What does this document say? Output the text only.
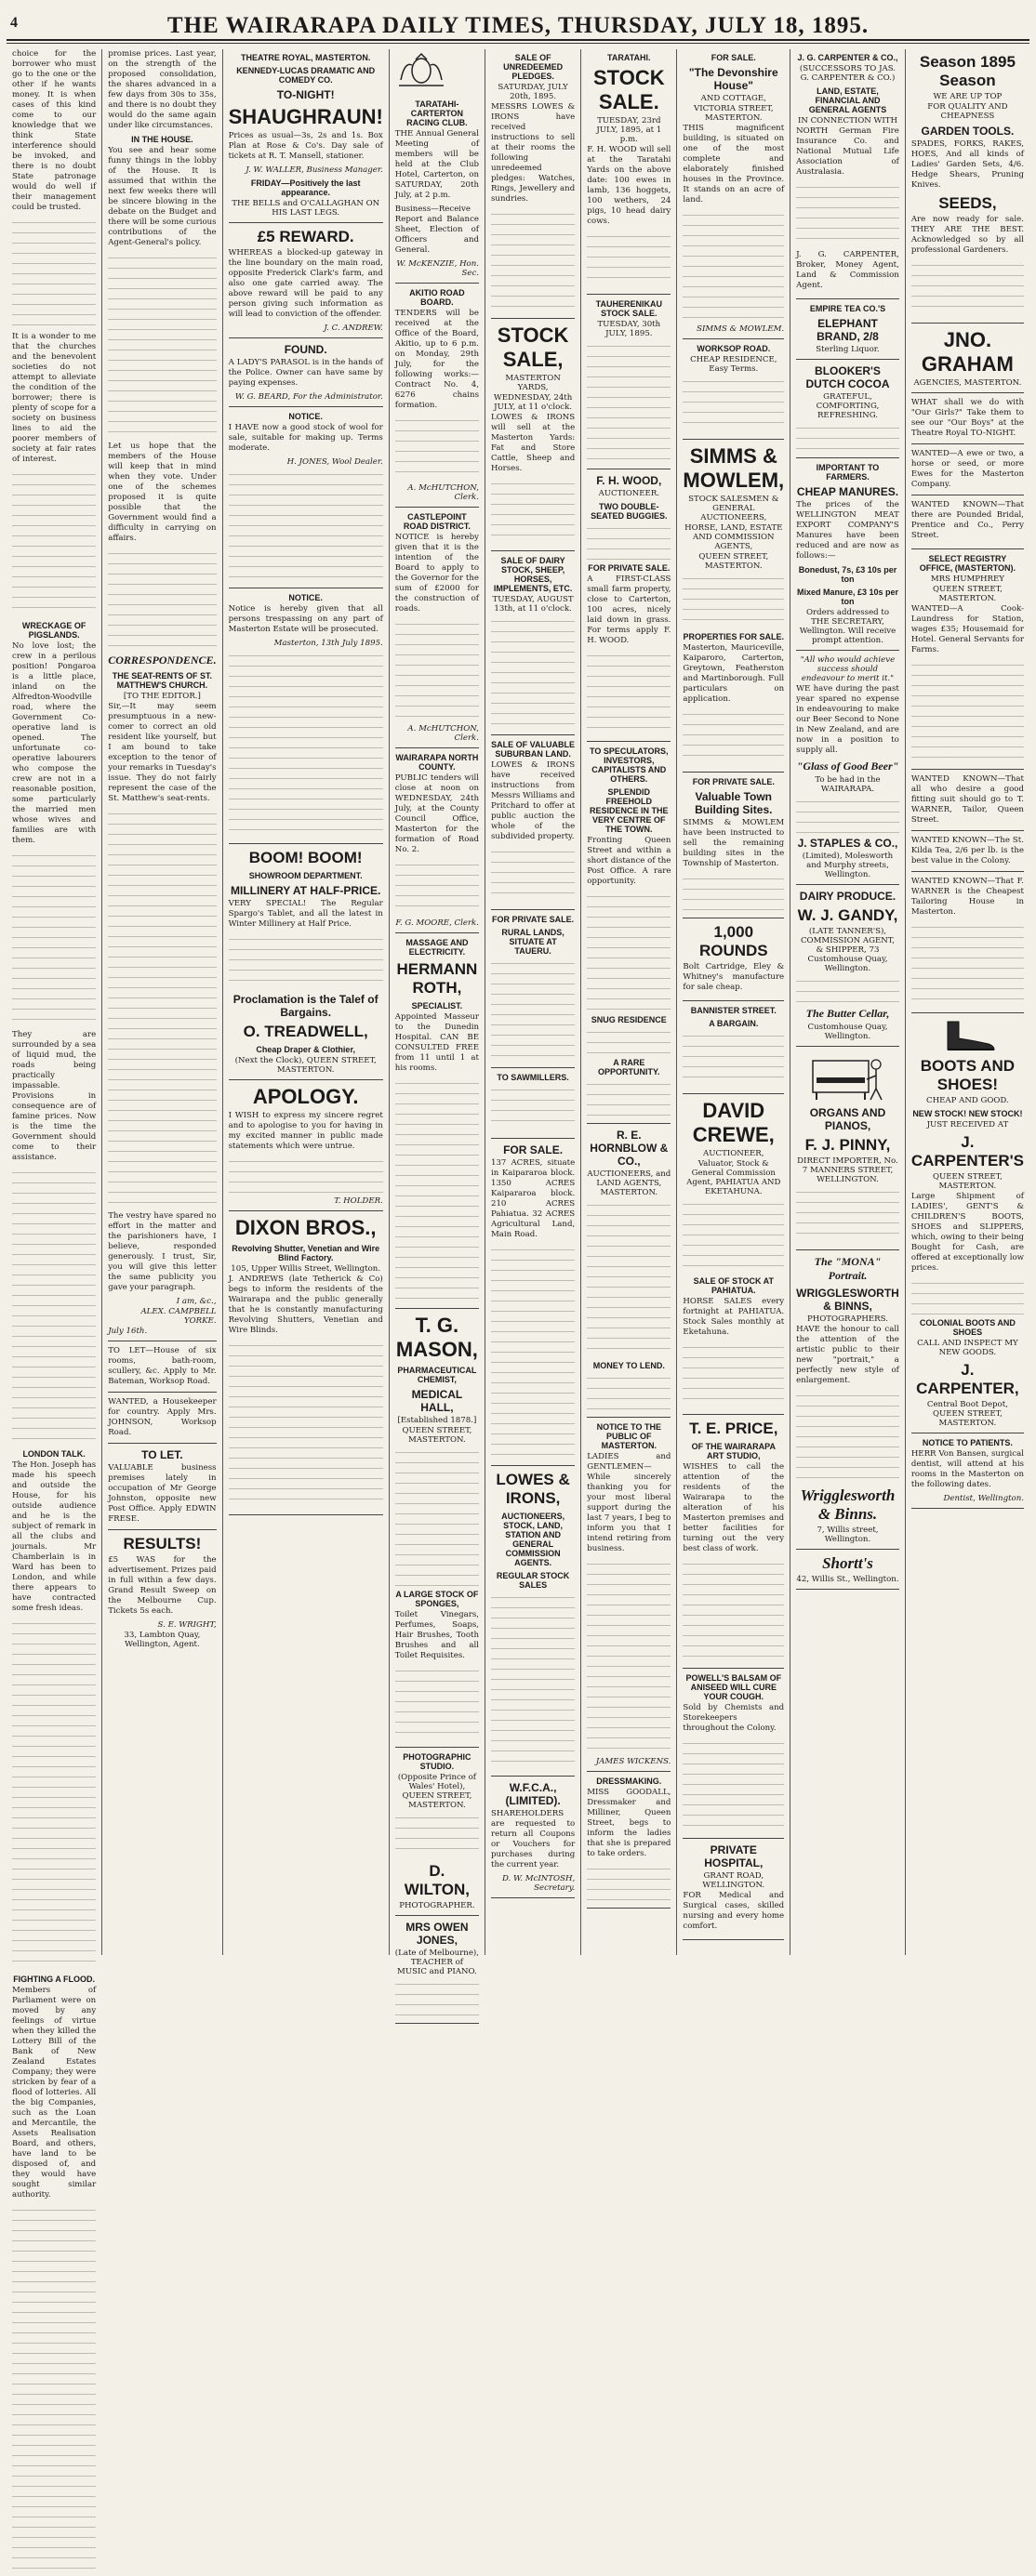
4	THE WAIRARAPA DAILY TIMES, THURSDAY, JULY 18, 1895.

choice for the borrower who must go to the one or the other if he wants money. It is when cases of this kind come to our knowledge that we think State interference should be invoked, and there is no doubt State patronage would do well if their management could be trusted.

It is a wonder to me that the churches and the benevolent societies do not attempt to alleviate the condition of the borrower; there is plenty of scope for a society on business lines to aid the poorer members of society at fair rates of interest.

WRECKAGE OF PIGSLANDS.

No love lost; the crew in a perilous position! Pongaroa is a little place, inland on the Alfredton-Woodville road, where the Government Co-operative land is opened. The unfortunate co-operative labourers who compose the crew are not in a reasonable position, some particularly the married men whose wives and families are with them.

They are surrounded by a sea of liquid mud, the roads being practically impassable. Provisions in consequence are of famine prices. Now is the time the Government should come to their assistance.

LONDON TALK.

The Hon. Joseph has made his speech and outside the House, for his outside audience and he is the subject of remark in all the clubs and journals. Mr Chamberlain is in Ward has been to London, and while there appears to have contracted some fresh ideas.

FIGHTING A FLOOD.

Members of Parliament were on moved by any feelings of virtue when they killed the Lottery Bill of the Bank of New Zealand Estates Company; they were stricken by fear of a flood of lotteries. All the big Companies, such as the Loan and Mercantile, the Assets Realisation Board, and others, have land to be disposed of, and they would have sought similar authority.

promise prices. Last year, on the strength of the proposed consolidation, the shares advanced in a few days from 30s to 35s, and there is no doubt they would do the same again under like circumstances.

IN THE HOUSE.

You see and hear some funny things in the lobby of the House. It is assumed that within the next few weeks there will be sincere blowing in the debate on the Budget and there will be some curious contributions of the Agent-General's policy.

Let us hope that the members of the House will keep that in mind when they vote. Under one of the schemes proposed it is quite possible that the Government would find a difficulty in carrying on affairs.

CORRESPONDENCE.
THE SEAT-RENTS OF ST. MATTHEW'S CHURCH.
[TO THE EDITOR.]

Sir,—It may seem presumptuous in a new-comer to correct an old resident like yourself, but I am bound to take exception to the tenor of your remarks in Tuesday's issue. They do not fairly represent the case of the St. Matthew's seat-rents.

The vestry have spared no effort in the matter and the parishioners have, I believe, responded generously. I trust, Sir, you will give this letter the same publicity you gave your paragraph.

I am, &c.,
ALEX. CAMPBELL YORKE.
July 16th.

TO LET—House of six rooms, bath-room, scullery, &c. Apply to Mr. Bateman, Worksop Road.

WANTED, a Housekeeper for country. Apply Mrs. JOHNSON, Worksop Road.

TO LET.

VALUABLE business premises lately in occupation of Mr George Johnston, opposite new Post Office. Apply EDWIN FRESE.

RESULTS!

£5 WAS for the advertisement. Prizes paid in full within a few days. Grand Result Sweep on the Melbourne Cup. Tickets 5s each.

S. E. WRIGHT,
33, Lambton Quay, Wellington, Agent.
THEATRE ROYAL, MASTERTON.
KENNEDY-LUCAS DRAMATIC AND COMEDY CO.
TO-NIGHT!
SHAUGHRAUN!

Prices as usual—3s, 2s and 1s. Box Plan at Rose & Co's. Day sale of tickets at R. T. Mansell, stationer.

J. W. WALLER, Business Manager.
FRIDAY—Positively the last appearance.
THE BELLS and O'CALLAGHAN ON HIS LAST LEGS.
£5 REWARD.

WHEREAS a blocked-up gateway in the line boundary on the main road, opposite Frederick Clark's farm, and also one gate carried away. The above reward will be paid to any person giving such information as will lead to conviction of the offender.

J. C. ANDREW.
FOUND.

A LADY'S PARASOL is in the hands of the Police. Owner can have same by paying expenses.

W. G. BEARD, For the Administrator.
NOTICE.

I HAVE now a good stock of wool for sale, suitable for making up. Terms moderate.

H. JONES, Wool Dealer.
NOTICE.

Notice is hereby given that all persons trespassing on any part of Masterton Estate will be prosecuted.

Masterton, 13th July 1895.
BOOM! BOOM!
SHOWROOM DEPARTMENT.
MILLINERY AT HALF-PRICE.

VERY SPECIAL! The Regular Spargo's Tablet, and all the latest in Winter Millinery at Half Price.

Proclamation is the Talef of Bargains.
O. TREADWELL,
Cheap Draper & Clothier,
(Next the Clock), QUEEN STREET, MASTERTON.
APOLOGY.

I WISH to express my sincere regret and to apologise to you for having in my excited manner in public made statements which were untrue.

T. HOLDER.
DIXON BROS.,
Revolving Shutter, Venetian and Wire Blind Factory.
105, Upper Willis Street, Wellington.

J. ANDREWS (late Tetherick & Co) begs to inform the residents of the Wairarapa and the public generally that he is constantly manufacturing Revolving Shutters, Venetian and Wire Blinds.

TARATAHI-CARTERTON RACING CLUB.

THE Annual General Meeting of members will be held at the Club Hotel, Carterton, on SATURDAY, 20th July, at 2 p.m.

Business—Receive Report and Balance Sheet, Election of Officers and General.

W. McKENZIE, Hon. Sec.
AKITIO ROAD BOARD.

TENDERS will be received at the Office of the Board, Akitio, up to 6 p.m. on Monday, 29th July, for the following works:—Contract No. 4, 6276 chains formation.

A. McHUTCHON, Clerk.
CASTLEPOINT ROAD DISTRICT.

NOTICE is hereby given that it is the intention of the Board to apply to the Governor for the sum of £2000 for the construction of roads.

A. McHUTCHON, Clerk.
WAIRARAPA NORTH COUNTY.

PUBLIC tenders will close at noon on WEDNESDAY, 24th July, at the County Council Office, Masterton for the formation of Road No. 2.

F. G. MOORE, Clerk.
MASSAGE AND ELECTRICITY.
HERMANN ROTH,
SPECIALIST.

Appointed Masseur to the Dunedin Hospital. CAN BE CONSULTED FREE from 11 until 1 at his rooms.

T. G. MASON,
PHARMACEUTICAL CHEMIST,
MEDICAL HALL,
[Established 1878.]
QUEEN STREET, MASTERTON.
A LARGE STOCK OF SPONGES,

Toilet Vinegars, Perfumes, Soaps, Hair Brushes, Tooth Brushes and all Toilet Requisites.

PHOTOGRAPHIC STUDIO.
(Opposite Prince of Wales' Hotel), QUEEN STREET, MASTERTON.
D. WILTON,
PHOTOGRAPHER.
MRS OWEN JONES,
(Late of Melbourne), TEACHER of MUSIC and PIANO.
SALE OF UNREDEEMED PLEDGES.
SATURDAY, JULY 20th, 1895.

MESSRS LOWES & IRONS have received instructions to sell at their rooms the following unredeemed pledges: Watches, Rings, Jewellery and sundries.

STOCK SALE,
MASTERTON YARDS,
WEDNESDAY, 24th JULY, at 11 o'clock.

LOWES & IRONS will sell at the Masterton Yards: Fat and Store Cattle, Sheep and Horses.

SALE OF DAIRY STOCK, SHEEP, HORSES, IMPLEMENTS, ETC.
TUESDAY, AUGUST 13th, at 11 o'clock.
SALE OF VALUABLE SUBURBAN LAND.

LOWES & IRONS have received instructions from Messrs Williams and Pritchard to offer at public auction the whole of the subdivided property.

FOR PRIVATE SALE.
RURAL LANDS, SITUATE AT TAUERU.
TO SAWMILLERS.
FOR SALE.

137 ACRES, situate in Kaipararoa block. 1350 ACRES Kaipararoa block. 210 ACRES Pahiatua. 32 ACRES Agricultural Land, Main Road.

LOWES & IRONS,
AUCTIONEERS, STOCK, LAND, STATION AND GENERAL COMMISSION AGENTS.
REGULAR STOCK SALES
W.F.C.A., (LIMITED).

SHAREHOLDERS are requested to return all Coupons or Vouchers for purchases during the current year.

D. W. McINTOSH, Secretary.
TARATAHI.
STOCK SALE.
TUESDAY, 23rd JULY, 1895, at 1 p.m.

F. H. WOOD will sell at the Taratahi Yards on the above date: 100 ewes in lamb, 136 hoggets, 100 wethers, 24 pigs, 10 head dairy cows.

TAUHERENIKAU STOCK SALE.
TUESDAY, 30th JULY, 1895.
F. H. WOOD,
AUCTIONEER.
TWO DOUBLE-SEATED BUGGIES.
FOR PRIVATE SALE.

A FIRST-CLASS small farm property, close to Carterton, 100 acres, nicely laid down in grass. For terms apply F. H. WOOD.

TO SPECULATORS, INVESTORS, CAPITALISTS AND OTHERS.
SPLENDID FREEHOLD RESIDENCE IN THE VERY CENTRE OF THE TOWN.

Fronting Queen Street and within a short distance of the Post Office. A rare opportunity.

SNUG RESIDENCE
A RARE OPPORTUNITY.
R. E. HORNBLOW & CO.,
AUCTIONEERS, and LAND AGENTS, MASTERTON.
MONEY TO LEND.
NOTICE TO THE PUBLIC OF MASTERTON.

LADIES and GENTLEMEN—While sincerely thanking you for your most liberal support during the last 7 years, I beg to inform you that I intend retiring from business.

JAMES WICKENS.
DRESSMAKING.

MISS GOODALL, Dressmaker and Milliner, Queen Street, begs to inform the ladies that she is prepared to take orders.

FOR SALE.
"The Devonshire House"
AND COTTAGE,
VICTORIA STREET, MASTERTON.

THIS magnificent building, is situated on one of the most complete and elaborately finished houses in the Province. It stands on an acre of land.

SIMMS & MOWLEM.
WORKSOP ROAD.
CHEAP RESIDENCE, Easy Terms.
SIMMS & MOWLEM,
STOCK SALESMEN & GENERAL AUCTIONEERS,
HORSE, LAND, ESTATE AND COMMISSION AGENTS,
QUEEN STREET, MASTERTON.
PROPERTIES FOR SALE.

Masterton, Mauriceville, Kaiparoro, Carterton, Greytown, Featherston and Martinborough. Full particulars on application.

FOR PRIVATE SALE.
Valuable Town Building Sites.

SIMMS & MOWLEM have been instructed to sell the remaining building sites in the Township of Masterton.

1,000 ROUNDS

Bolt Cartridge, Eley & Whitney's manufacture for sale cheap.

BANNISTER STREET.
A BARGAIN.
DAVID CREWE,
AUCTIONEER,
Valuator, Stock & General Commission Agent, PAHIATUA AND EKETAHUNA.
SALE OF STOCK AT PAHIATUA.

HORSE SALES every fortnight at PAHIATUA. Stock Sales monthly at Eketahuna.

T. E. PRICE,
OF THE WAIRARAPA ART STUDIO,

WISHES to call the attention of the residents of the Wairarapa to the alteration of his Masterton premises and better facilities for turning out the very best class of work.

POWELL'S BALSAM OF ANISEED WILL CURE YOUR COUGH.

Sold by Chemists and Storekeepers throughout the Colony.

PRIVATE HOSPITAL,
GRANT ROAD, WELLINGTON.

FOR Medical and Surgical cases, skilled nursing and every home comfort.

J. G. CARPENTER & CO.,
(SUCCESSORS TO JAS. G. CARPENTER & CO.)
LAND, ESTATE, FINANCIAL AND GENERAL AGENTS
IN CONNECTION WITH

NORTH German Fire Insurance Co. and National Mutual Life Association of Australasia.

J. G. CARPENTER, Broker, Money Agent, Land & Commission Agent.

EMPIRE TEA CO.'S
ELEPHANT BRAND, 2/8
Sterling Liquor.
BLOOKER'S DUTCH COCOA
GRATEFUL, COMFORTING, REFRESHING.
IMPORTANT TO FARMERS.
CHEAP MANURES.

The prices of the WELLINGTON MEAT EXPORT COMPANY'S Manures have been reduced and are now as follows:—

Bonedust, 7s, £3 10s per ton
Mixed Manure, £3 10s per ton
Orders addressed to THE SECRETARY, Wellington. Will receive prompt attention.
"All who would achieve success should endeavour to merit it."

WE have during the past year spared no expense in endeavouring to make our Beer Second to None in New Zealand, and are now in a position to supply all.

"Glass of Good Beer"
To be had in the WAIRARAPA.
J. STAPLES & CO.,
(Limited), Molesworth and Murphy streets, Wellington.
DAIRY PRODUCE.
W. J. GANDY,
(LATE TANNER'S), COMMISSION AGENT, & SHIPPER, 73 Customhouse Quay, Wellington.
The Butter Cellar,
Customhouse Quay, Wellington.
ORGANS AND PIANOS,
F. J. PINNY,
DIRECT IMPORTER, No. 7 MANNERS STREET, WELLINGTON.
The "MONA" Portrait.
WRIGGLESWORTH & BINNS,
PHOTOGRAPHERS.

HAVE the honour to call the attention of the artistic public to their new "portrait," a perfectly new style of enlargement.

Wrigglesworth & Binns.
7, Willis street, Wellington.
Shortt's
42, Willis St., Wellington.
Season 1895 Season
WE ARE UP TOP
FOR QUALITY AND CHEAPNESS
GARDEN TOOLS.

SPADES, FORKS, RAKES, HOES, And all kinds of Ladies' Garden Sets, 4/6. Hedge Shears, Pruning Knives.

SEEDS,

Are now ready for sale. THEY ARE THE BEST. Acknowledged so by all professional Gardeners.

JNO. GRAHAM
AGENCIES, MASTERTON.

WHAT shall we do with "Our Girls?" Take them to see our "Our Boys" at the Theatre Royal TO-NIGHT.

WANTED—A ewe or two, a horse or seed, or more Ewes for the Masterton Company.

WANTED KNOWN—That there are Pounded Bridal, Prentice and Co., Perry Street.

SELECT REGISTRY OFFICE, (MASTERTON).
MRS HUMPHREY
QUEEN STREET, MASTERTON.

WANTED—A Cook-Laundress for Station, wages £35; Housemaid for Hotel. General Servants for Farms.

WANTED KNOWN—That all who desire a good fitting suit should go to T. WARNER, Tailor, Queen Street.

WANTED KNOWN—The St. Kilda Tea, 2/6 per lb. is the best value in the Colony.

WANTED KNOWN—That F. WARNER is the Cheapest Tailoring House in Masterton.

BOOTS AND SHOES!
CHEAP AND GOOD.
NEW STOCK! NEW STOCK!
JUST RECEIVED AT
J. CARPENTER'S
QUEEN STREET, MASTERTON.

Large Shipment of LADIES', GENT'S & CHILDREN'S BOOTS, SHOES and SLIPPERS, which, owing to their being Bought for Cash, are offered at exceptionally low prices.

COLONIAL BOOTS AND SHOES
CALL AND INSPECT MY NEW GOODS.
J. CARPENTER,
Central Boot Depot, QUEEN STREET, MASTERTON.
NOTICE TO PATIENTS.

HERR Von Bansen, surgical dentist, will attend at his rooms in the Masterton on the following dates.

Dentist, Wellington.
